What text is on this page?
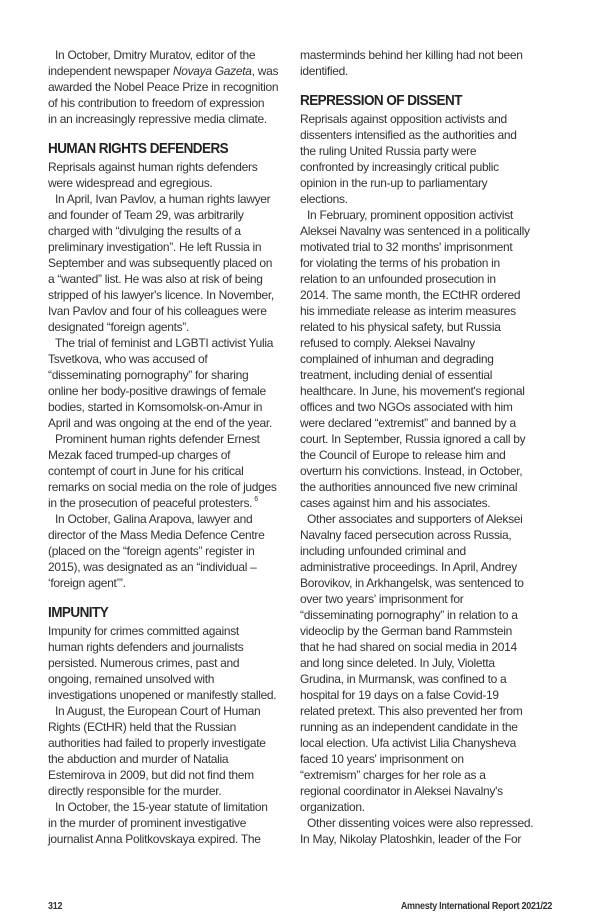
In October, Dmitry Muratov, editor of the
independent newspaper Novaya Gazeta, was
awarded the Nobel Peace Prize in recognition
of his contribution to freedom of expression
in an increasingly repressive media climate.
HUMAN RIGHTS DEFENDERS
Reprisals against human rights defenders
were widespread and egregious.
In April, Ivan Pavlov, a human rights lawyer
and founder of Team 29, was arbitrarily
charged with “divulging the results of a
preliminary investigation”. He left Russia in
September and was subsequently placed on
a “wanted” list. He was also at risk of being
stripped of his lawyer's licence. In November,
Ivan Pavlov and four of his colleagues were
designated “foreign agents”.
The trial of feminist and LGBTI activist Yulia
Tsvetkova, who was accused of
“disseminating pornography” for sharing
online her body-positive drawings of female
bodies, started in Komsomolsk-on-Amur in
April and was ongoing at the end of the year.
Prominent human rights defender Ernest
Mezak faced trumped-up charges of
contempt of court in June for his critical
remarks on social media on the role of judges
in the prosecution of peaceful protesters. $^6$
In October, Galina Arapova, lawyer and
director of the Mass Media Defence Centre
(placed on the “foreign agents” register in
2015), was designated as an “individual –
‘foreign agent’”.
IMPUNITY
Impunity for crimes committed against
human rights defenders and journalists
persisted. Numerous crimes, past and
ongoing, remained unsolved with
investigations unopened or manifestly stalled.
In August, the European Court of Human
Rights (ECtHR) held that the Russian
authorities had failed to properly investigate
the abduction and murder of Natalia
Estemirova in 2009, but did not find them
directly responsible for the murder.
In October, the 15-year statute of limitation
in the murder of prominent investigative
journalist Anna Politkovskaya expired. The
masterminds behind her killing had not been
identified.
REPRESSION OF DISSENT
Reprisals against opposition activists and
dissenters intensified as the authorities and
the ruling United Russia party were
confronted by increasingly critical public
opinion in the run-up to parliamentary
elections.
In February, prominent opposition activist
Aleksei Navalny was sentenced in a politically
motivated trial to 32 months' imprisonment
for violating the terms of his probation in
relation to an unfounded prosecution in
2014. The same month, the ECtHR ordered
his immediate release as interim measures
related to his physical safety, but Russia
refused to comply. Aleksei Navalny
complained of inhuman and degrading
treatment, including denial of essential
healthcare. In June, his movement's regional
offices and two NGOs associated with him
were declared “extremist” and banned by a
court. In September, Russia ignored a call by
the Council of Europe to release him and
overturn his convictions. Instead, in October,
the authorities announced five new criminal
cases against him and his associates.
Other associates and supporters of Aleksei
Navalny faced persecution across Russia,
including unfounded criminal and
administrative proceedings. In April, Andrey
Borovikov, in Arkhangelsk, was sentenced to
over two years' imprisonment for
“disseminating pornography” in relation to a
videoclip by the German band Rammstein
that he had shared on social media in 2014
and long since deleted. In July, Violetta
Grudina, in Murmansk, was confined to a
hospital for 19 days on a false Covid-19
related pretext. This also prevented her from
running as an independent candidate in the
local election. Ufa activist Lilia Chanysheva
faced 10 years' imprisonment on
“extremism” charges for her role as a
regional coordinator in Aleksei Navalny's
organization.
Other dissenting voices were also repressed.
In May, Nikolay Platoshkin, leader of the For
312	Amnesty International Report 2021/22
